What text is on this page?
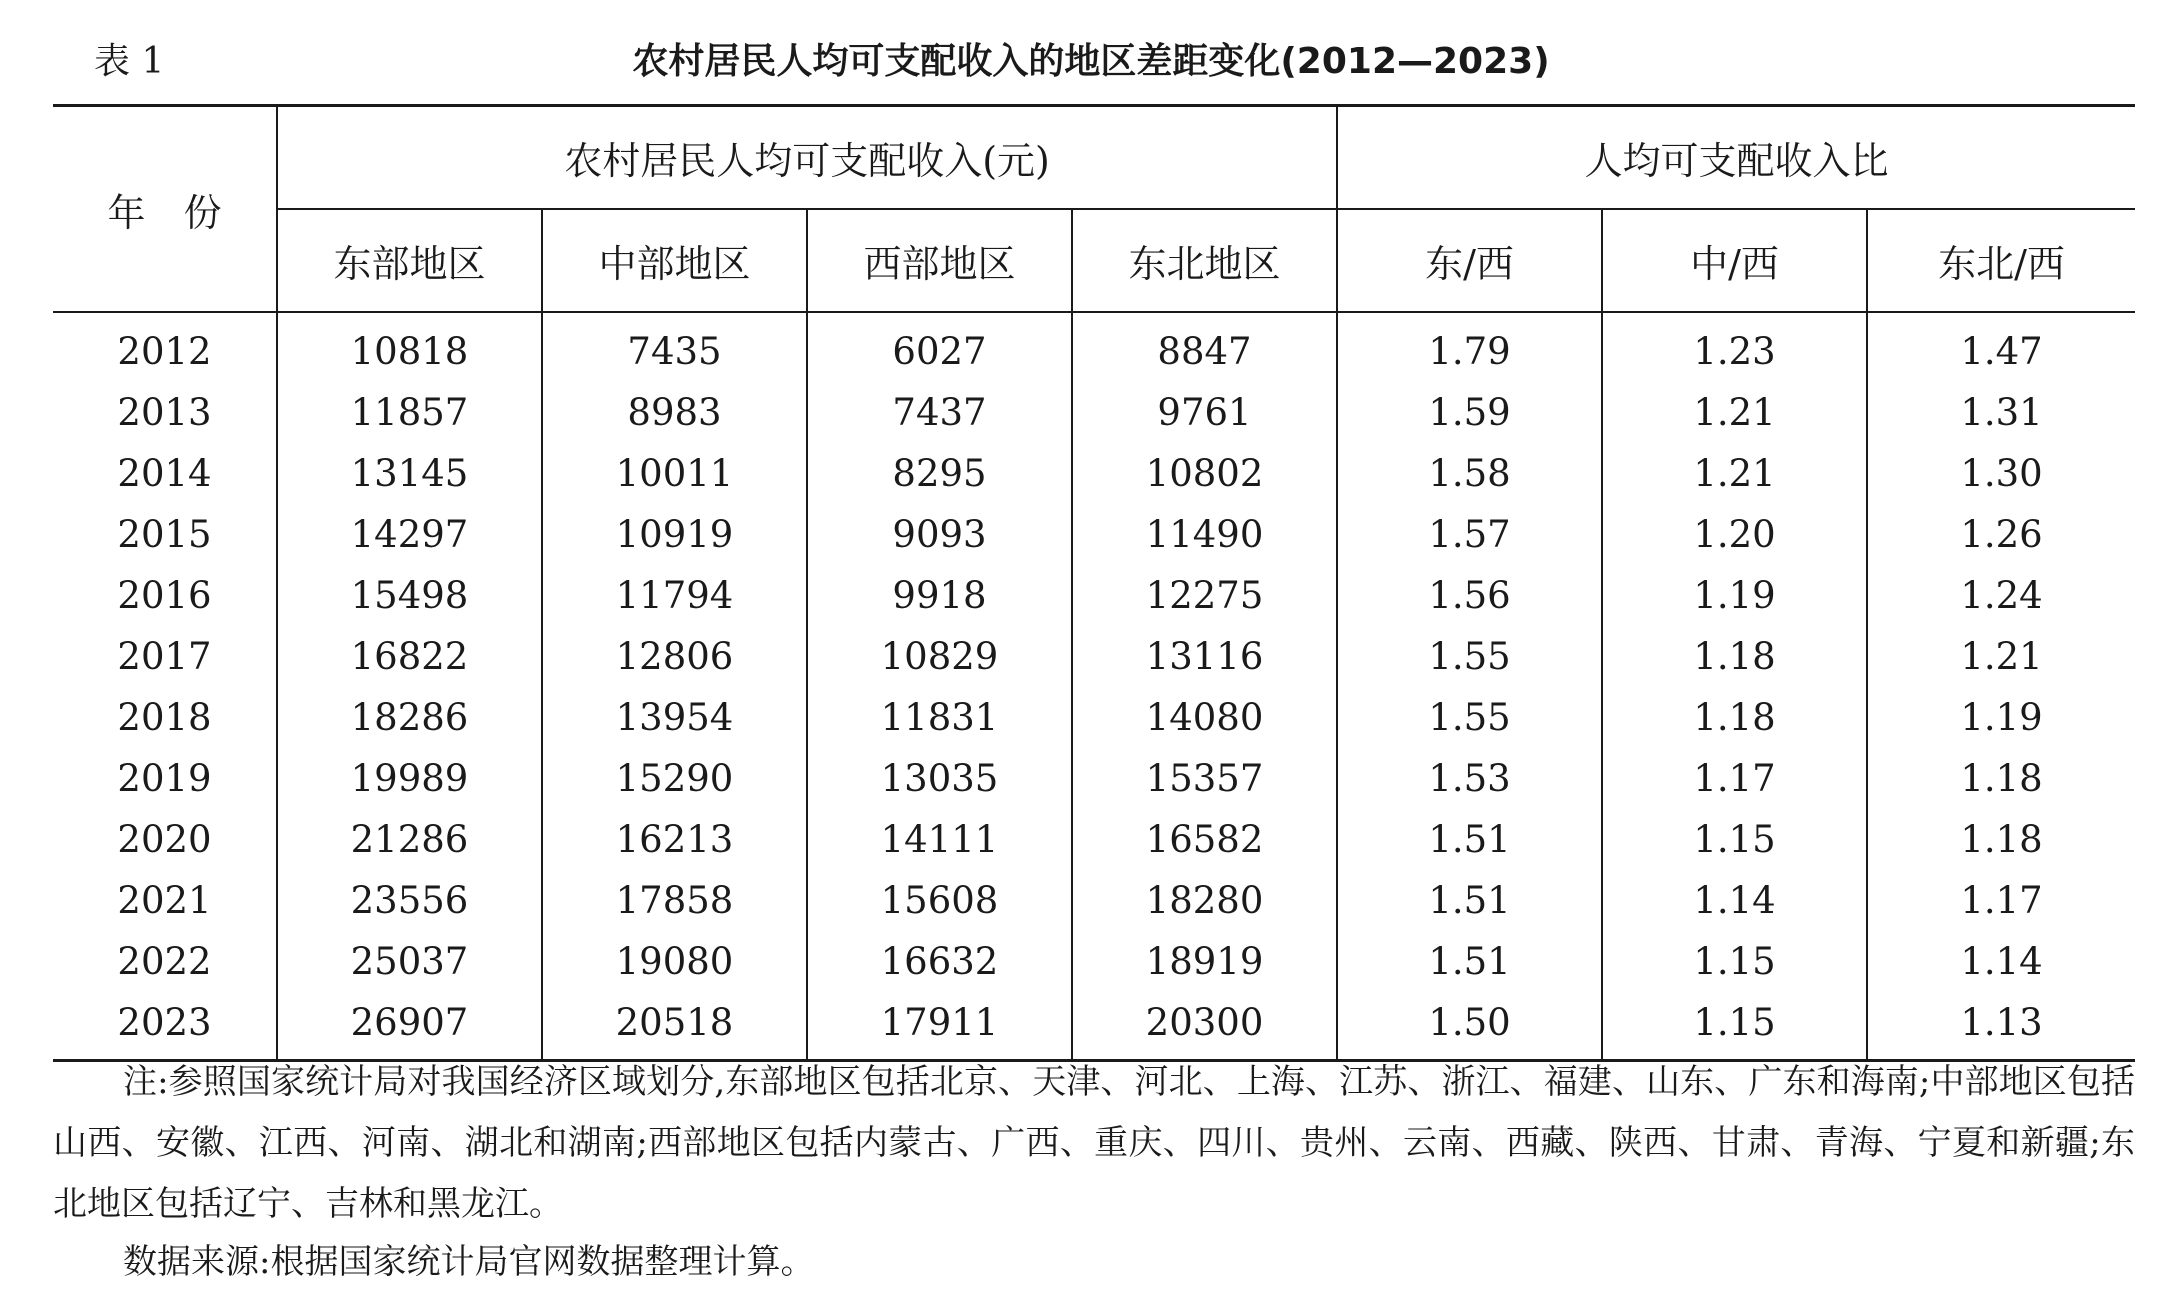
表 1	农村居民人均可支配收入的地区差距变化(2012—2023)
年　份	农村居民人均可支配收入(元)				人均可支配收入比		
	东部地区	中部地区	西部地区	东北地区	东/西	中/西	东北/西
2012	10818	7435	6027	8847	1.79	1.23	1.47
2013	11857	8983	7437	9761	1.59	1.21	1.31
2014	13145	10011	8295	10802	1.58	1.21	1.30
2015	14297	10919	9093	11490	1.57	1.20	1.26
2016	15498	11794	9918	12275	1.56	1.19	1.24
2017	16822	12806	10829	13116	1.55	1.18	1.21
2018	18286	13954	11831	14080	1.55	1.18	1.19
2019	19989	15290	13035	15357	1.53	1.17	1.18
2020	21286	16213	14111	16582	1.51	1.15	1.18
2021	23556	17858	15608	18280	1.51	1.14	1.17
2022	25037	19080	16632	18919	1.51	1.15	1.14
2023	26907	20518	17911	20300	1.50	1.15	1.13
注:参照国家统计局对我国经济区域划分,东部地区包括北京、天津、河北、上海、江苏、浙江、福建、山东、广东和海南;中部地区包括山西、安徽、江西、河南、湖北和湖南;西部地区包括内蒙古、广西、重庆、四川、贵州、云南、西藏、陕西、甘肃、青海、宁夏和新疆;东北地区包括辽宁、吉林和黑龙江。
数据来源:根据国家统计局官网数据整理计算。
